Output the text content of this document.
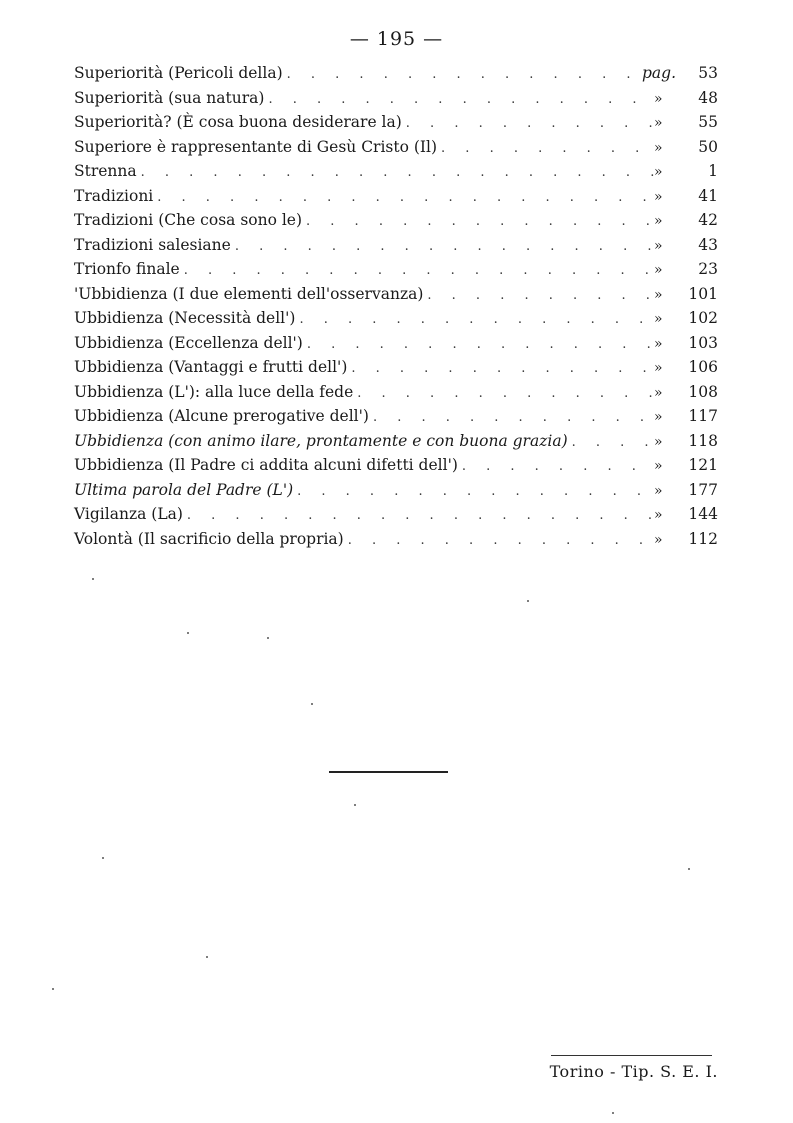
— 195 —
Superiorità (Pericoli della) . . .	pag.	53
Superiorità (sua natura) . . .	»	48
Superiorità? (È cosa buona desiderare la) . . .	»	55
Superiore è rappresentante di Gesù Cristo (Il) . . .	»	50
Strenna . . .	»	1
Tradizioni . . .	»	41
Tradizioni (Che cosa sono le) . . .	»	42
Tradizioni salesiane . . .	»	43
Trionfo finale . . .	»	23
'Ubbidienza (I due elementi dell'osservanza) . . .	»	101
Ubbidienza (Necessità dell') . . .	»	102
Ubbidienza (Eccellenza dell') . . .	»	103
Ubbidienza (Vantaggi e frutti dell') . . .	»	106
Ubbidienza (L'): alla luce della fede . . .	»	108
Ubbidienza (Alcune prerogative dell') . . .	»	117
Ubbidienza (con animo ilare, prontamente e con buona grazia) . . .	»	118
Ubbidienza (Il Padre ci addita alcuni difetti dell') . . .	»	121
Ultima parola del Padre (L') . . .	»	177
Vigilanza (La) . . .	»	144
Volontà (Il sacrificio della propria) . . .	»	112
Torino - Tip. S. E. I.
